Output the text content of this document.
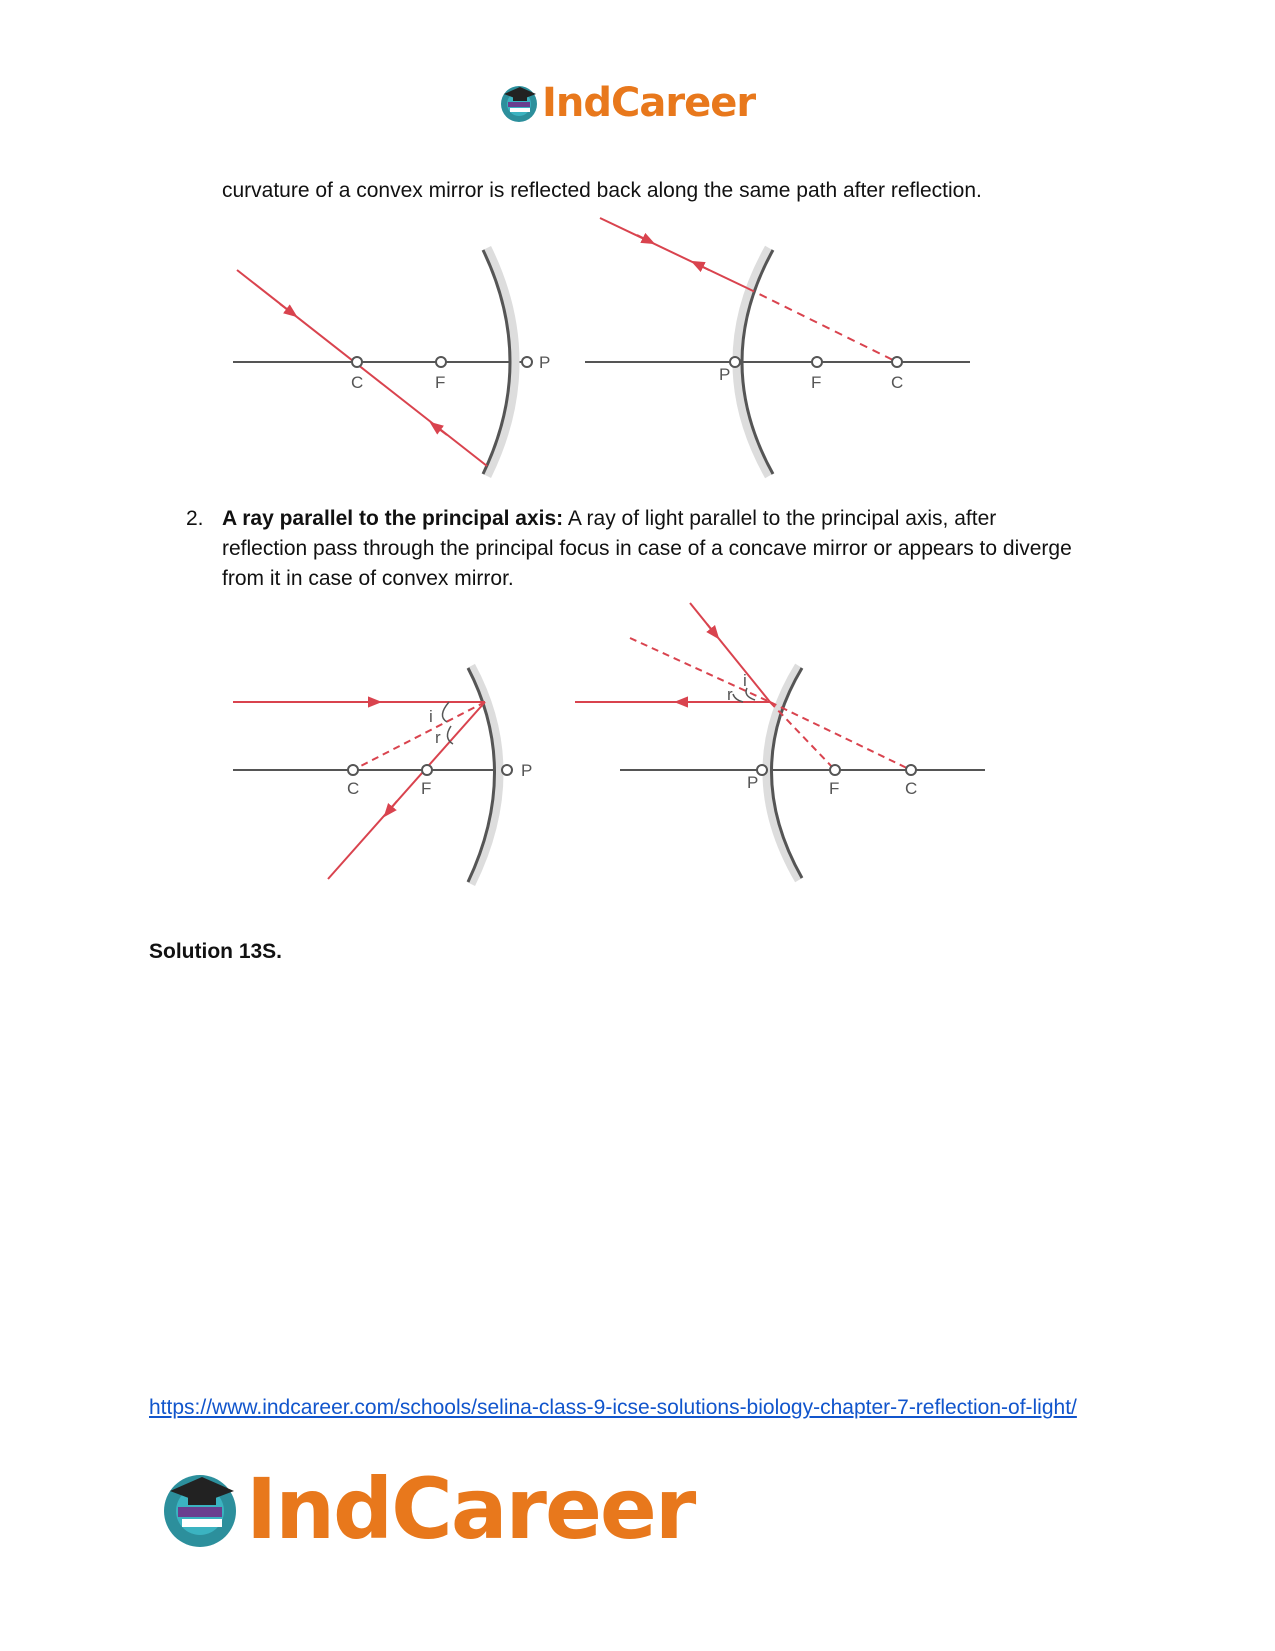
IndCareer
curvature of a convex mirror is reflected back along the same path after reflection.
C	F
P
P	F	C
2. A ray parallel to the principal axis: A ray of light parallel to the principal axis, after reflection pass through the principal focus in case of a concave mirror or appears to diverge from it in case of convex mirror.
C	F
P
i
r
P	F	C
i
r
Solution 13S.
https://www.indcareer.com/schools/selina-class-9-icse-solutions-biology-chapter-7-reflection-of-light/
IndCareer
